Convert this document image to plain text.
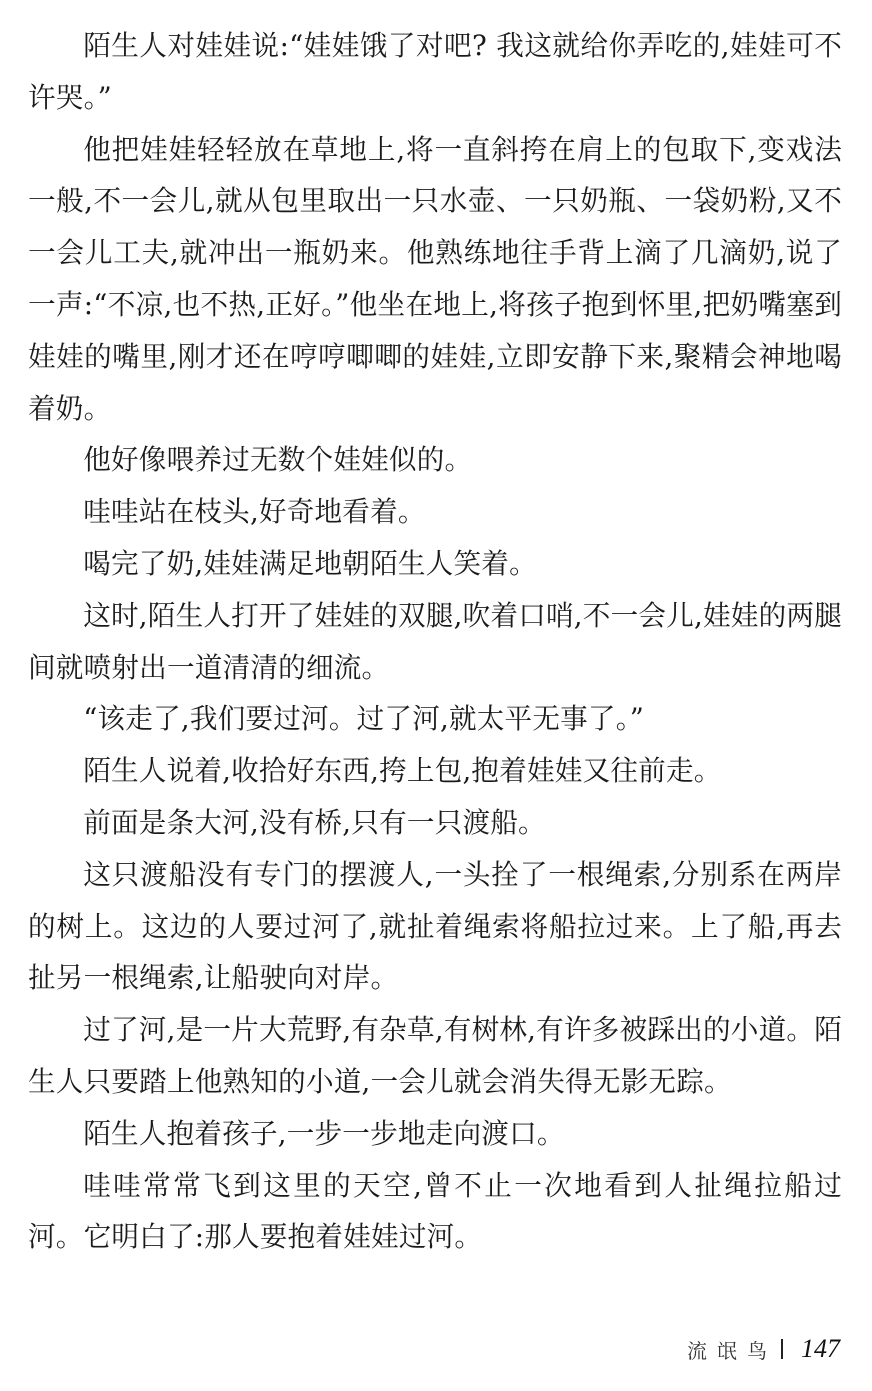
陌生人对娃娃说:“娃娃饿了对吧? 我这就给你弄吃的,娃娃可不许哭。”

他把娃娃轻轻放在草地上,将一直斜挎在肩上的包取下,变戏法一般,不一会儿,就从包里取出一只水壶、一只奶瓶、一袋奶粉,又不一会儿工夫,就冲出一瓶奶来。他熟练地往手背上滴了几滴奶,说了一声:“不凉,也不热,正好。”他坐在地上,将孩子抱到怀里,把奶嘴塞到娃娃的嘴里,刚才还在哼哼唧唧的娃娃,立即安静下来,聚精会神地喝着奶。

他好像喂养过无数个娃娃似的。

哇哇站在枝头,好奇地看着。

喝完了奶,娃娃满足地朝陌生人笑着。

这时,陌生人打开了娃娃的双腿,吹着口哨,不一会儿,娃娃的两腿间就喷射出一道清清的细流。

“该走了,我们要过河。过了河,就太平无事了。”

陌生人说着,收拾好东西,挎上包,抱着娃娃又往前走。

前面是条大河,没有桥,只有一只渡船。

这只渡船没有专门的摆渡人,一头拴了一根绳索,分别系在两岸的树上。这边的人要过河了,就扯着绳索将船拉过来。上了船,再去扯另一根绳索,让船驶向对岸。

过了河,是一片大荒野,有杂草,有树林,有许多被踩出的小道。陌生人只要踏上他熟知的小道,一会儿就会消失得无影无踪。

陌生人抱着孩子,一步一步地走向渡口。

哇哇常常飞到这里的天空,曾不止一次地看到人扯绳拉船过河。它明白了:那人要抱着娃娃过河。

流氓鸟 147
